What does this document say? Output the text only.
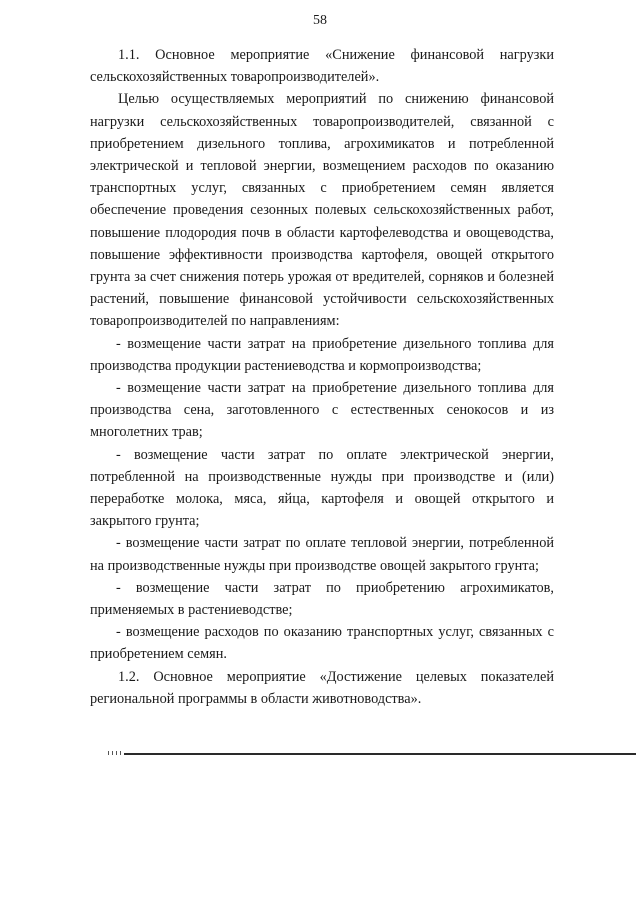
58

1.1. Основное мероприятие «Снижение финансовой нагрузки сельскохозяйственных товаропроизводителей».

Целью осуществляемых мероприятий по снижению финансовой нагрузки сельскохозяйственных товаропроизводителей, связанной с приобретением дизельного топлива, агрохимикатов и потребленной электрической и тепловой энергии, возмещением расходов по оказанию транспортных услуг, связанных с приобретением семян является обеспечение проведения сезонных полевых сельскохозяйственных работ, повышение плодородия почв в области картофелеводства и овощеводства, повышение эффективности производства картофеля, овощей открытого грунта за счет снижения потерь урожая от вредителей, сорняков и болезней растений, повышение финансовой устойчивости сельскохозяйственных товаропроизводителей по направлениям:

- возмещение части затрат на приобретение дизельного топлива для производства продукции растениеводства и кормопроизводства;

- возмещение части затрат на приобретение дизельного топлива для производства сена, заготовленного с естественных сенокосов и из многолетних трав;

- возмещение части затрат по оплате электрической энергии, потребленной на производственные нужды при производстве и (или) переработке молока, мяса, яйца, картофеля и овощей открытого и закрытого грунта;

- возмещение части затрат по оплате тепловой энергии, потребленной на производственные нужды при производстве овощей закрытого грунта;

- возмещение части затрат по приобретению агрохимикатов, применяемых в растениеводстве;

- возмещение расходов по оказанию транспортных услуг, связанных с приобретением семян.

1.2. Основное мероприятие «Достижение целевых показателей региональной программы в области животноводства».
